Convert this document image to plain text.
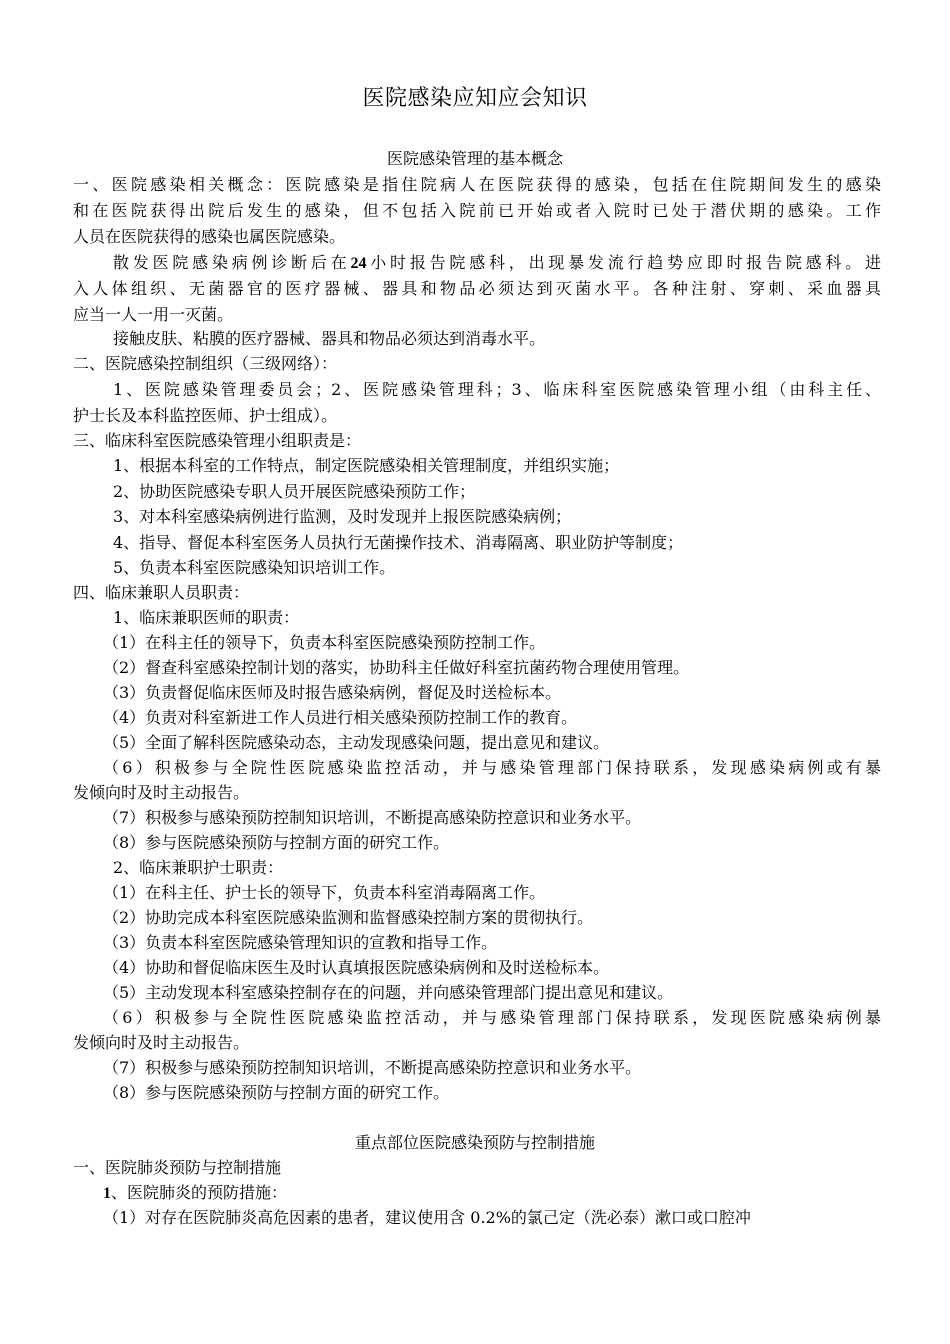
医院感染应知应会知识
医院感染管理的基本概念
一、医院感染相关概念：医院感染是指住院病人在医院获得的感染，包括在住院期间发生的感染
和在医院获得出院后发生的感染，但不包括入院前已开始或者入院时已处于潜伏期的感染。工作
人员在医院获得的感染也属医院感染。
散发医院感染病例诊断后在24小时报告院感科，出现暴发流行趋势应即时报告院感科。进
入人体组织、无菌器官的医疗器械、器具和物品必须达到灭菌水平。各种注射、穿刺、采血器具
应当一人一用一灭菌。
接触皮肤、粘膜的医疗器械、器具和物品必须达到消毒水平。
二、医院感染控制组织（三级网络）：
1、医院感染管理委员会；2、医院感染管理科；3、临床科室医院感染管理小组（由科主任、
护士长及本科监控医师、护士组成）。
三、临床科室医院感染管理小组职责是：
1、根据本科室的工作特点，制定医院感染相关管理制度，并组织实施；
2、协助医院感染专职人员开展医院感染预防工作；
3、对本科室感染病例进行监测，及时发现并上报医院感染病例；
4、指导、督促本科室医务人员执行无菌操作技术、消毒隔离、职业防护等制度；
5、负责本科室医院感染知识培训工作。
四、临床兼职人员职责：
1、临床兼职医师的职责：
（1）在科主任的领导下，负责本科室医院感染预防控制工作。
（2）督查科室感染控制计划的落实，协助科主任做好科室抗菌药物合理使用管理。
（3）负责督促临床医师及时报告感染病例，督促及时送检标本。
（4）负责对科室新进工作人员进行相关感染预防控制工作的教育。
（5）全面了解科医院感染动态，主动发现感染问题，提出意见和建议。
（6）积极参与全院性医院感染监控活动，并与感染管理部门保持联系，发现感染病例或有暴
发倾向时及时主动报告。
（7）积极参与感染预防控制知识培训，不断提高感染防控意识和业务水平。
（8）参与医院感染预防与控制方面的研究工作。
2、临床兼职护士职责：
（1）在科主任、护士长的领导下，负责本科室消毒隔离工作。
（2）协助完成本科室医院感染监测和监督感染控制方案的贯彻执行。
（3）负责本科室医院感染管理知识的宣教和指导工作。
（4）协助和督促临床医生及时认真填报医院感染病例和及时送检标本。
（5）主动发现本科室感染控制存在的问题，并向感染管理部门提出意见和建议。
（6）积极参与全院性医院感染监控活动，并与感染管理部门保持联系，发现医院感染病例暴
发倾向时及时主动报告。
（7）积极参与感染预防控制知识培训，不断提高感染防控意识和业务水平。
（8）参与医院感染预防与控制方面的研究工作。
重点部位医院感染预防与控制措施
一、医院肺炎预防与控制措施
1、医院肺炎的预防措施：
（1）对存在医院肺炎高危因素的患者，建议使用含 0.2%的氯己定（洗必泰）漱口或口腔冲
